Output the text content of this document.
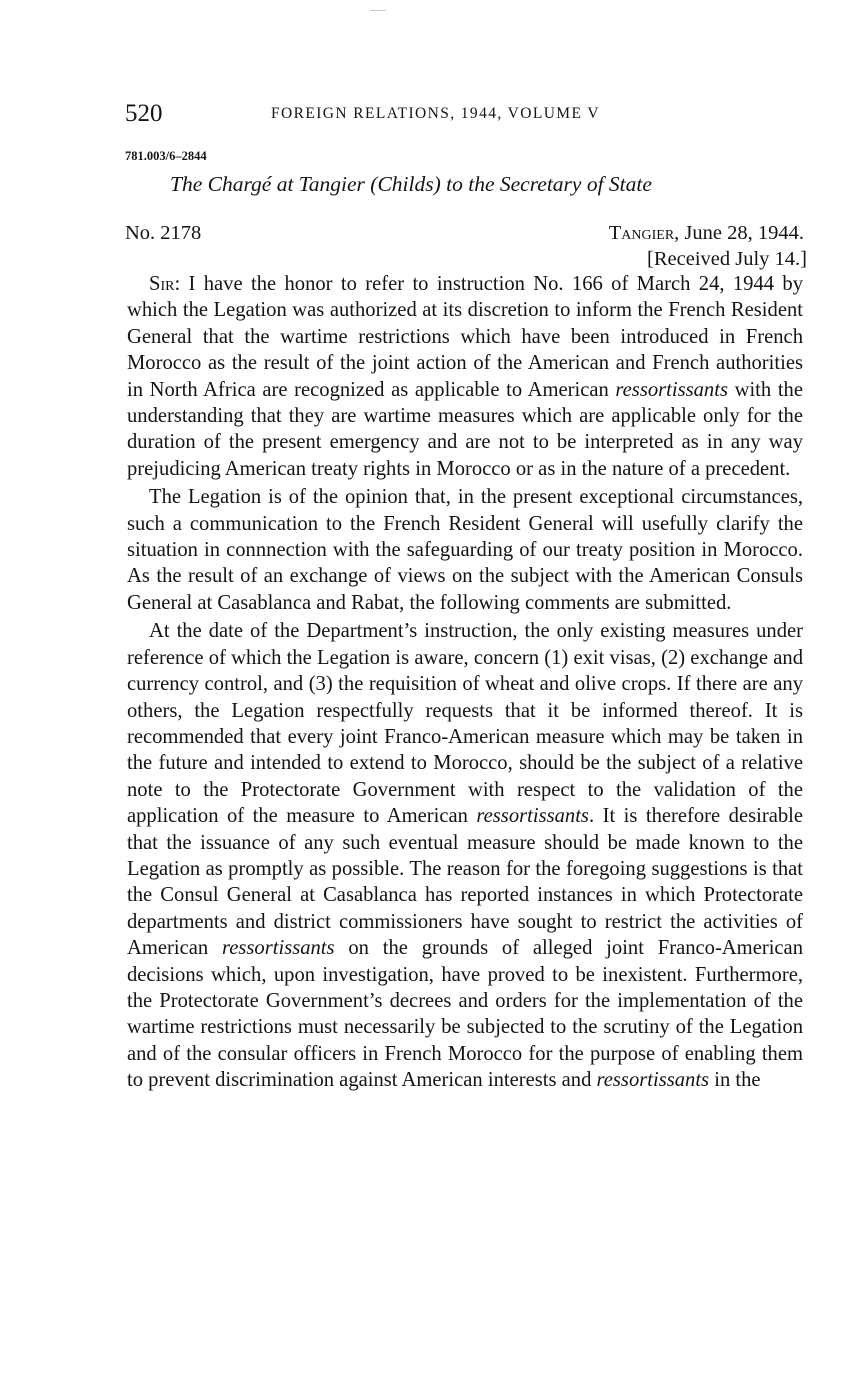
520	FOREIGN RELATIONS, 1944, VOLUME V
781.003/6–2844
The Chargé at Tangier (Childs) to the Secretary of State
No. 2178	Tangier, June 28, 1944.
[Received July 14.]

Sir: I have the honor to refer to instruction No. 166 of March 24, 1944 by which the Legation was authorized at its discretion to inform the French Resident General that the wartime restrictions which have been introduced in French Morocco as the result of the joint action of the American and French authorities in North Africa are recognized as applicable to American ressortissants with the understanding that they are wartime measures which are applicable only for the duration of the present emergency and are not to be interpreted as in any way prejudicing American treaty rights in Morocco or as in the nature of a precedent.

The Legation is of the opinion that, in the present exceptional circumstances, such a communication to the French Resident General will usefully clarify the situation in connnection with the safeguarding of our treaty position in Morocco. As the result of an exchange of views on the subject with the American Consuls General at Casablanca and Rabat, the following comments are submitted.

At the date of the Department’s instruction, the only existing measures under reference of which the Legation is aware, concern (1) exit visas, (2) exchange and currency control, and (3) the requisition of wheat and olive crops. If there are any others, the Legation respectfully requests that it be informed thereof. It is recommended that every joint Franco-American measure which may be taken in the future and intended to extend to Morocco, should be the subject of a relative note to the Protectorate Government with respect to the validation of the application of the measure to American ressortissants. It is therefore desirable that the issuance of any such eventual measure should be made known to the Legation as promptly as possible. The reason for the foregoing suggestions is that the Consul General at Casablanca has reported instances in which Protectorate departments and district commissioners have sought to restrict the activities of American ressortissants on the grounds of alleged joint Franco-American decisions which, upon investigation, have proved to be inexistent. Furthermore, the Protectorate Government’s decrees and orders for the implementation of the wartime restrictions must necessarily be subjected to the scrutiny of the Legation and of the consular officers in French Morocco for the purpose of enabling them to prevent discrimination against American interests and ressortissants in the
